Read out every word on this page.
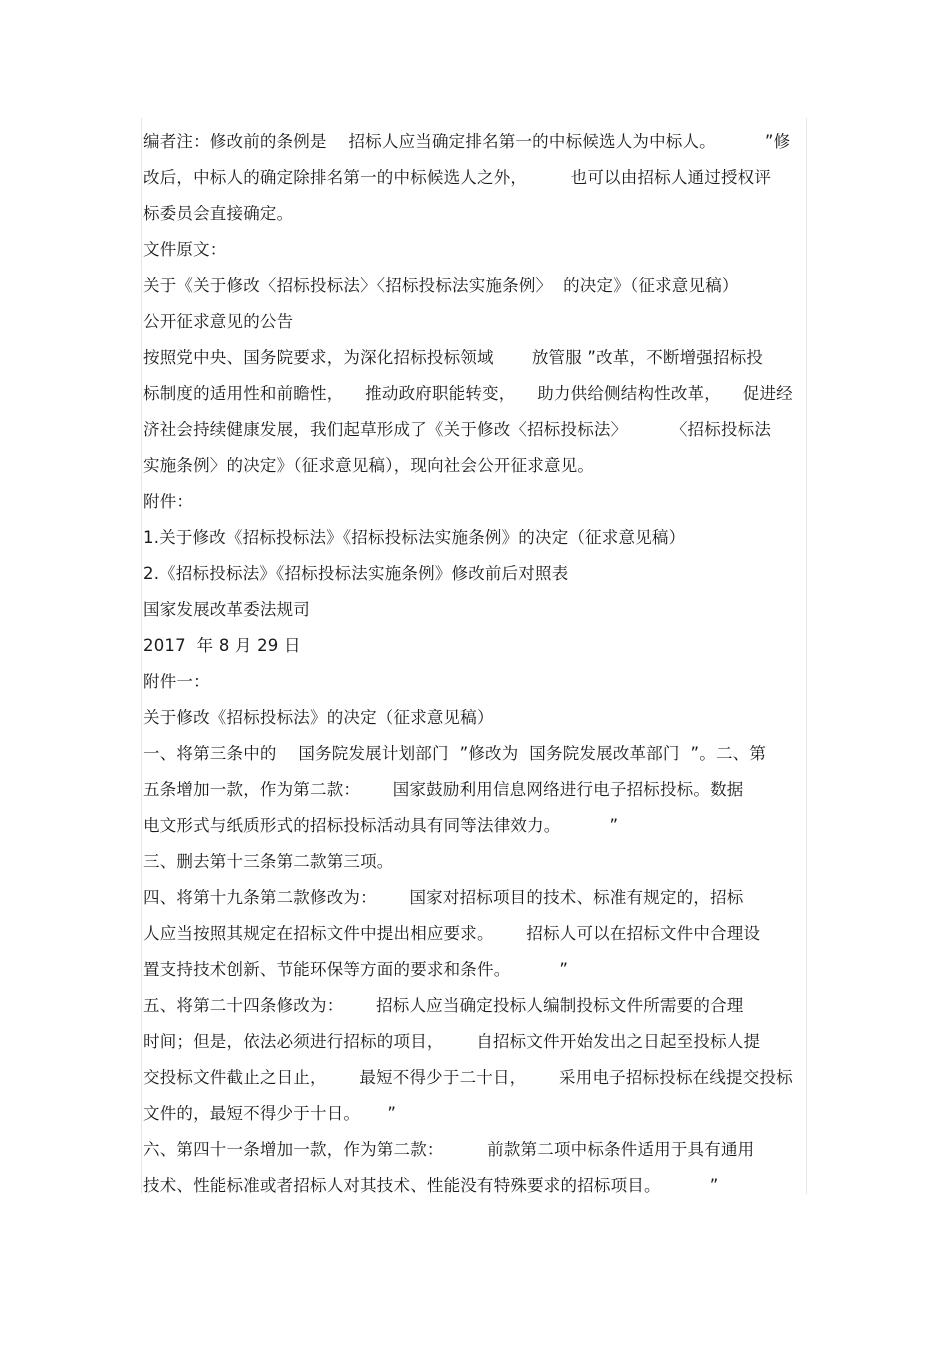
编者注：修改前的条例是    招标人应当确定排名第一的中标候选人为中标人。         ”修
改后，中标人的确定除排名第一的中标候选人之外，        也可以由招标人通过授权评
标委员会直接确定。
文件原文：
关于《关于修改〈招标投标法〉〈招标投标法实施条例〉  的决定》（征求意见稿）
公开征求意见的公告
按照党中央、国务院要求，为深化招标投标领域       放管服 ”改革，不断增强招标投
标制度的适用性和前瞻性，    推动政府职能转变，    助力供给侧结构性改革，    促进经
济社会持续健康发展，我们起草形成了《关于修改〈招标投标法〉        〈招标投标法
实施条例〉的决定》（征求意见稿），现向社会公开征求意见。
附件：
1.关于修改《招标投标法》《招标投标法实施条例》的决定（征求意见稿）
2.《招标投标法》《招标投标法实施条例》修改前后对照表
国家发展改革委法规司
2017  年 8 月 29 日
附件一：
关于修改《招标投标法》的决定（征求意见稿）
一、将第三条中的    国务院发展计划部门  ”修改为  国务院发展改革部门  ”。二、第
五条增加一款，作为第二款：      国家鼓励利用信息网络进行电子招标投标。数据
电文形式与纸质形式的招标投标活动具有同等法律效力。         ”
三、删去第十三条第二款第三项。
四、将第十九条第二款修改为：      国家对招标项目的技术、标准有规定的，招标
人应当按照其规定在招标文件中提出相应要求。      招标人可以在招标文件中合理设
置支持技术创新、节能环保等方面的要求和条件。         ”
五、将第二十四条修改为：      招标人应当确定投标人编制投标文件所需要的合理
时间；但是，依法必须进行招标的项目，      自招标文件开始发出之日起至投标人提
交投标文件截止之日止，      最短不得少于二十日，      采用电子招标投标在线提交投标
文件的，最短不得少于十日。     ”
六、第四十一条增加一款，作为第二款：        前款第二项中标条件适用于具有通用
技术、性能标准或者招标人对其技术、性能没有特殊要求的招标项目。         ”
